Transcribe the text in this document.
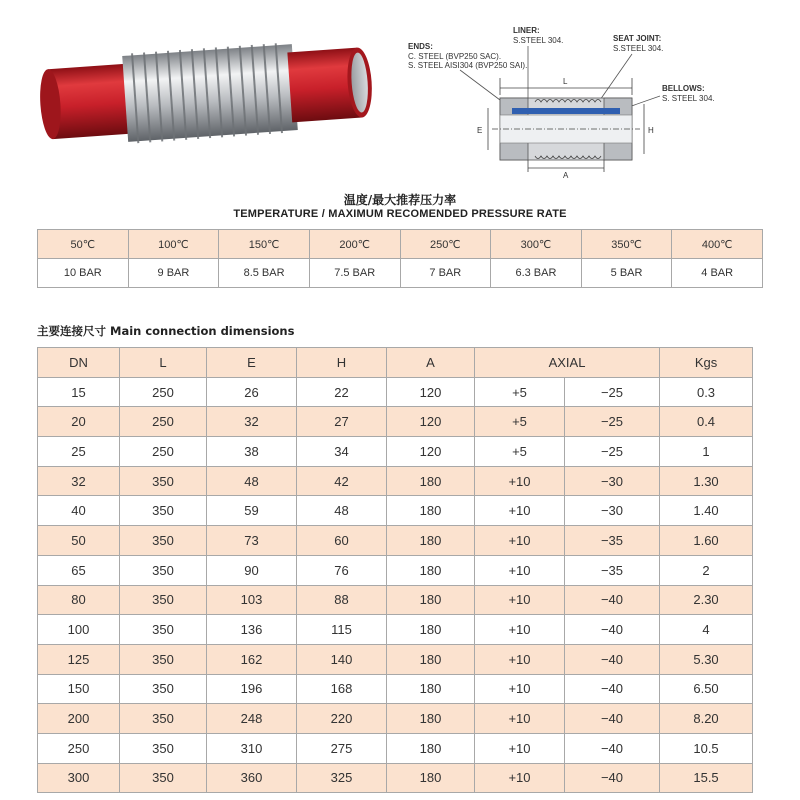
LINER:
S.STEEL 304.	SEAT JOINT:
S.STEEL 304.
ENDS:
C. STEEL (BVP250 SAC).
S. STEEL AISI304 (BVP250 SAI).
BELLOWS:
S. STEEL 304.
L
E	H
A
温度/最大推荐压力率
TEMPERATURE / MAXIMUM RECOMENDED PRESSURE RATE
50℃	100℃	150℃	200℃	250℃	300℃	350℃	400℃
10 BAR	9 BAR	8.5 BAR	7.5 BAR	7 BAR	6.3 BAR	5 BAR	4 BAR
主要连接尺寸 Main connection dimensions
DN	L	E	H	A	AXIAL		Kgs
15	250	26	22	120	+5	−25	0.3
20	250	32	27	120	+5	−25	0.4
25	250	38	34	120	+5	−25	1
32	350	48	42	180	+10	−30	1.30
40	350	59	48	180	+10	−30	1.40
50	350	73	60	180	+10	−35	1.60
65	350	90	76	180	+10	−35	2
80	350	103	88	180	+10	−40	2.30
100	350	136	115	180	+10	−40	4
125	350	162	140	180	+10	−40	5.30
150	350	196	168	180	+10	−40	6.50
200	350	248	220	180	+10	−40	8.20
250	350	310	275	180	+10	−40	10.5
300	350	360	325	180	+10	−40	15.5
